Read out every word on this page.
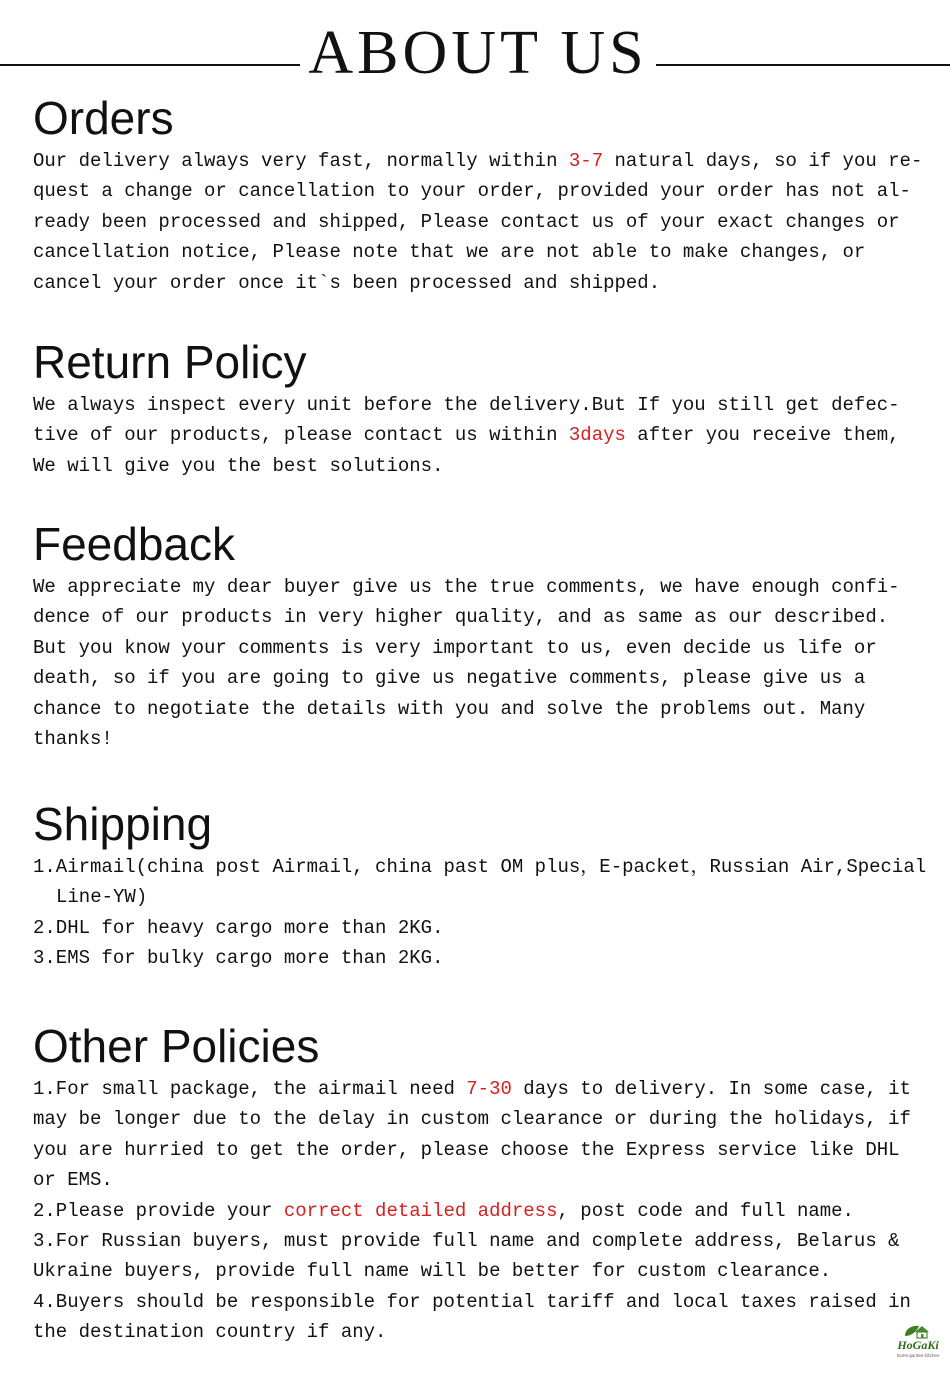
ABOUT US
Orders

Our delivery always very fast, normally within 3-7 natural days, so if you re-quest a change or cancellation to your order, provided your order has not al-ready been processed and shipped, Please contact us of your exact changes or cancellation notice, Please note that we are not able to make changes, or cancel your order once it`s been processed and shipped.

Return Policy

We always inspect every unit before the delivery.But If you still get defec-tive of our products, please contact us within 3days after you receive them, We will give you the best solutions.

Feedback

We appreciate my dear buyer give us the true comments, we have enough confi-dence of our products in very higher quality, and as same as our described. But you know your comments is very important to us, even decide us life or death, so if you are going to give us negative comments, please give us a chance to negotiate the details with you and solve the problems out. Many thanks!

Shipping
1.Airmail(china post Airmail, china past OM plus，E-packet，Russian Air,Special Line-YW)
2.DHL for heavy cargo more than 2KG.
3.EMS for bulky cargo more than 2KG.
Other Policies
1.For small package, the airmail need 7-30 days to delivery. In some case, it may be longer due to the delay in custom clearance or during the holidays, if you are hurried to get the order, please choose the Express service like DHL or EMS.
2.Please provide your correct detailed address, post code and full name.
3.For Russian buyers, must provide full name and complete address, Belarus & Ukraine buyers, provide full name will be better for custom clearance.
4.Buyers should be responsible for potential tariff and local taxes raised in the destination country if any.
HoGaKi
home·garden·kitchen
